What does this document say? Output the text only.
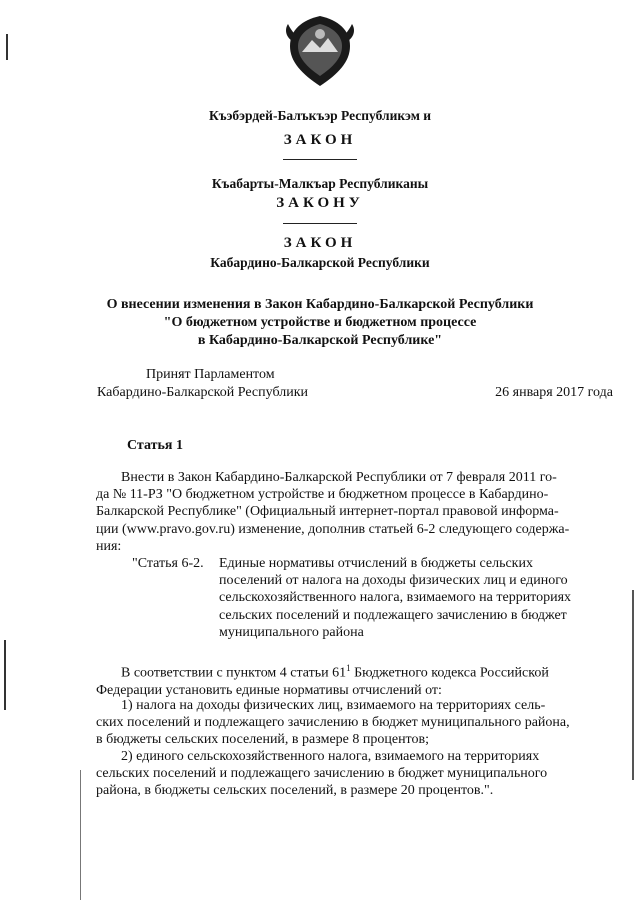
Къэбэрдей-Балъкъэр Республикэм и
ЗАКОН
Къабарты-Малкъар Республиканы
ЗАКОНУ
ЗАКОН
Кабардино-Балкарской Республики
О внесении изменения в Закон Кабардино-Балкарской Республики
"О бюджетном устройстве и бюджетном процессе
в Кабардино-Балкарской Республике"
Принят Парламентом
Кабардино-Балкарской Республики	26 января 2017 года
Статья 1
Внести в Закон Кабардино-Балкарской Республики от 7 февраля 2011 го-
да № 11-РЗ "О бюджетном устройстве и бюджетном процессе в Кабардино-
Балкарской Республике" (Официальный интернет-портал правовой информа-
ции (www.pravo.gov.ru) изменение, дополнив статьей 6-2 следующего содержа-
ния:
"Статья 6-2. Единые нормативы отчислений в бюджеты сельских
поселений от налога на доходы физических лиц и единого
сельскохозяйственного налога, взимаемого на территориях
сельских поселений и подлежащего зачислению в бюджет
муниципального района
В соответствии с пунктом 4 статьи $61^1$ Бюджетного кодекса Российской
Федерации установить единые нормативы отчислений от:
1) налога на доходы физических лиц, взимаемого на территориях сель-
ских поселений и подлежащего зачислению в бюджет муниципального района,
в бюджеты сельских поселений, в размере 8 процентов;
2) единого сельскохозяйственного налога, взимаемого на территориях
сельских поселений и подлежащего зачислению в бюджет муниципального
района, в бюджеты сельских поселений, в размере 20 процентов.".
